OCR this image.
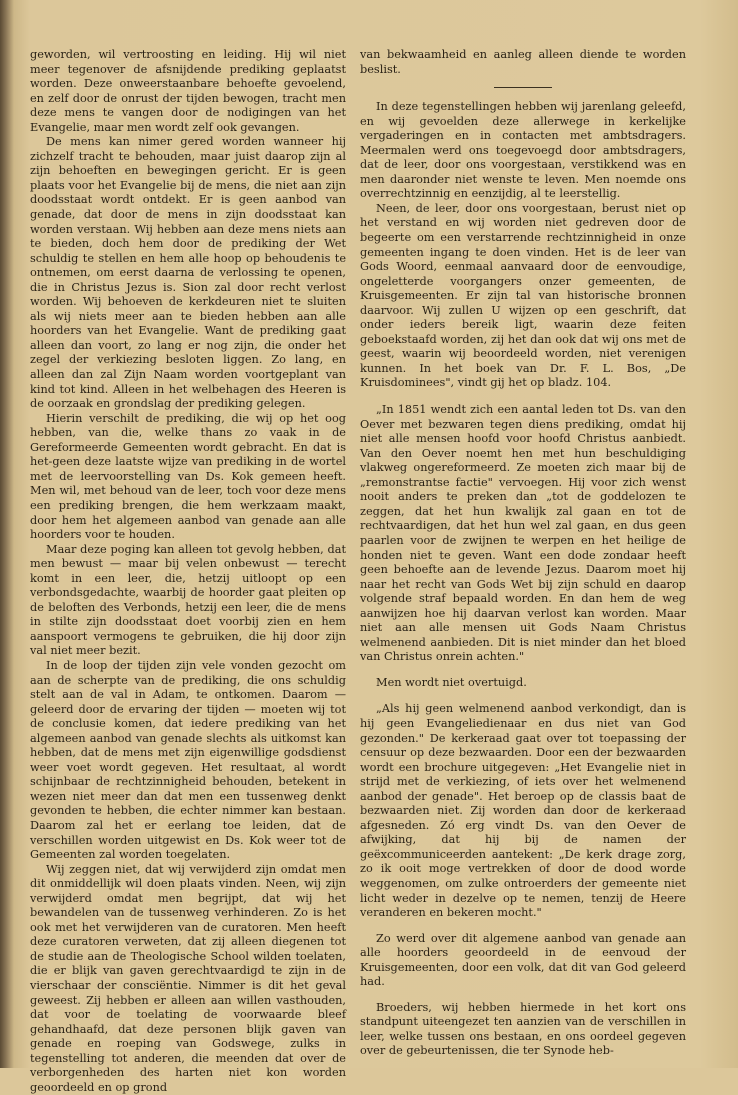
geworden, wil vertroosting en leiding. Hij wil niet meer tegenover de afsnijdende prediking geplaatst worden. Deze onweerstaanbare behoefte gevoelend, en zelf door de onrust der tijden bewogen, tracht men deze mens te vangen door de nodigingen van het Evangelie, maar men wordt zelf ook gevangen.

De mens kan nimer gered worden wanneer hij zichzelf tracht te behouden, maar juist daarop zijn al zijn behoeften en bewegingen gericht. Er is geen plaats voor het Evangelie bij de mens, die niet aan zijn doodsstaat wordt ontdekt. Er is geen aanbod van genade, dat door de mens in zijn doodsstaat kan worden verstaan. Wij hebben aan deze mens niets aan te bieden, doch hem door de prediking der Wet schuldig te stellen en hem alle hoop op behoudenis te ontnemen, om eerst daarna de verlossing te openen, die in Christus Jezus is. Sion zal door recht verlost worden. Wij behoeven de kerkdeuren niet te sluiten als wij niets meer aan te bieden hebben aan alle hoorders van het Evangelie. Want de prediking gaat alleen dan voort, zo lang er nog zijn, die onder het zegel der verkiezing besloten liggen. Zo lang, en alleen dan zal Zijn Naam worden voortgeplant van kind tot kind. Alleen in het welbehagen des Heeren is de oorzaak en grondslag der prediking gelegen.

Hierin verschilt de prediking, die wij op het oog hebben, van die, welke thans zo vaak in de Gereformeerde Gemeenten wordt gebracht. En dat is het-geen deze laatste wijze van prediking in de wortel met de leervoorstelling van Ds. Kok gemeen heeft. Men wil, met behoud van de leer, toch voor deze mens een prediking brengen, die hem werkzaam maakt, door hem het algemeen aanbod van genade aan alle hoorders voor te houden.

Maar deze poging kan alleen tot gevolg hebben, dat men bewust — maar bij velen onbewust — terecht komt in een leer, die, hetzij uitloopt op een verbondsgedachte, waarbij de hoorder gaat pleiten op de beloften des Verbonds, hetzij een leer, die de mens in stilte zijn doodsstaat doet voorbij zien en hem aanspoort vermogens te gebruiken, die hij door zijn val niet meer bezit.

In de loop der tijden zijn vele vonden gezocht om aan de scherpte van de prediking, die ons schuldig stelt aan de val in Adam, te ontkomen. Daarom — geleerd door de ervaring der tijden — moeten wij tot de conclusie komen, dat iedere prediking van het algemeen aanbod van genade slechts als uitkomst kan hebben, dat de mens met zijn eigenwillige godsdienst weer voet wordt gegeven. Het resultaat, al wordt schijnbaar de rechtzinnigheid behouden, betekent in wezen niet meer dan dat men een tussenweg denkt gevonden te hebben, die echter nimmer kan bestaan. Daarom zal het er eerlang toe leiden, dat de verschillen worden uitgewist en Ds. Kok weer tot de Gemeenten zal worden toegelaten.

Wij zeggen niet, dat wij verwijderd zijn omdat men dit onmiddellijk wil doen plaats vinden. Neen, wij zijn verwijderd omdat men begrijpt, dat wij het bewandelen van de tussenweg verhinderen. Zo is het ook met het verwijderen van de curatoren. Men heeft deze curatoren verweten, dat zij alleen diegenen tot de studie aan de Theologische School wilden toelaten, die er blijk van gaven gerechtvaardigd te zijn in de vierschaar der consciëntie. Nimmer is dit het geval geweest. Zij hebben er alleen aan willen vasthouden, dat voor de toelating de voorwaarde bleef gehandhaafd, dat deze personen blijk gaven van genade en roeping van Godswege, zulks in tegenstelling tot anderen, die meenden dat over de verborgenheden des harten niet kon worden geoordeeld en op grond

van bekwaamheid en aanleg alleen diende te worden beslist.

In deze tegenstellingen hebben wij jarenlang geleefd, en wij gevoelden deze allerwege in kerkelijke vergaderingen en in contacten met ambtsdragers. Meermalen werd ons toegevoegd door ambtsdragers, dat de leer, door ons voorgestaan, verstikkend was en men daaronder niet wenste te leven. Men noemde ons overrechtzinnig en eenzijdig, al te leerstellig.

Neen, de leer, door ons voorgestaan, berust niet op het verstand en wij worden niet gedreven door de begeerte om een verstarrende rechtzinnigheid in onze gemeenten ingang te doen vinden. Het is de leer van Gods Woord, eenmaal aanvaard door de eenvoudige, ongeletterde voorgangers onzer gemeenten, de Kruisgemeenten. Er zijn tal van historische bronnen daarvoor. Wij zullen U wijzen op een geschrift, dat onder ieders bereik ligt, waarin deze feiten geboekstaafd worden, zij het dan ook dat wij ons met de geest, waarin wij beoordeeld worden, niet verenigen kunnen. In het boek van Dr. F. L. Bos, „De Kruisdominees", vindt gij het op bladz. 104.

„In 1851 wendt zich een aantal leden tot Ds. van den Oever met bezwaren tegen diens prediking, omdat hij niet alle mensen hoofd voor hoofd Christus aanbiedt. Van den Oever noemt hen met hun beschuldiging vlakweg ongereformeerd. Ze moeten zich maar bij de „remonstrantse factie" vervoegen. Hij voor zich wenst nooit anders te preken dan „tot de goddelozen te zeggen, dat het hun kwalijk zal gaan en tot de rechtvaardigen, dat het hun wel zal gaan, en dus geen paarlen voor de zwijnen te werpen en het heilige de honden niet te geven. Want een dode zondaar heeft geen behoefte aan de levende Jezus. Daarom moet hij naar het recht van Gods Wet bij zijn schuld en daarop volgende straf bepaald worden. En dan hem de weg aanwijzen hoe hij daarvan verlost kan worden. Maar niet aan alle mensen uit Gods Naam Christus welmenend aanbieden. Dit is niet minder dan het bloed van Christus onrein achten."

Men wordt niet overtuigd.

„Als hij geen welmenend aanbod verkondigt, dan is hij geen Evangeliedienaar en dus niet van God gezonden." De kerkeraad gaat over tot toepassing der censuur op deze bezwaarden. Door een der bezwaarden wordt een brochure uitgegeven: „Het Evangelie niet in strijd met de verkiezing, of iets over het welmenend aanbod der genade". Het beroep op de classis baat de bezwaarden niet. Zij worden dan door de kerkeraad afgesneden. Zó erg vindt Ds. van den Oever de afwijking, dat hij bij de namen der geëxcommuniceerden aantekent: „De kerk drage zorg, zo ik ooit moge vertrekken of door de dood worde weggenomen, om zulke ontroerders der gemeente niet licht weder in dezelve op te nemen, tenzij de Heere veranderen en bekeren mocht."

Zo werd over dit algemene aanbod van genade aan alle hoorders geoordeeld in de eenvoud der Kruisgemeenten, door een volk, dat dit van God geleerd had.

Broeders, wij hebben hiermede in het kort ons standpunt uiteengezet ten aanzien van de verschillen in leer, welke tussen ons bestaan, en ons oordeel gegeven over de gebeurtenissen, die ter Synode heb-
